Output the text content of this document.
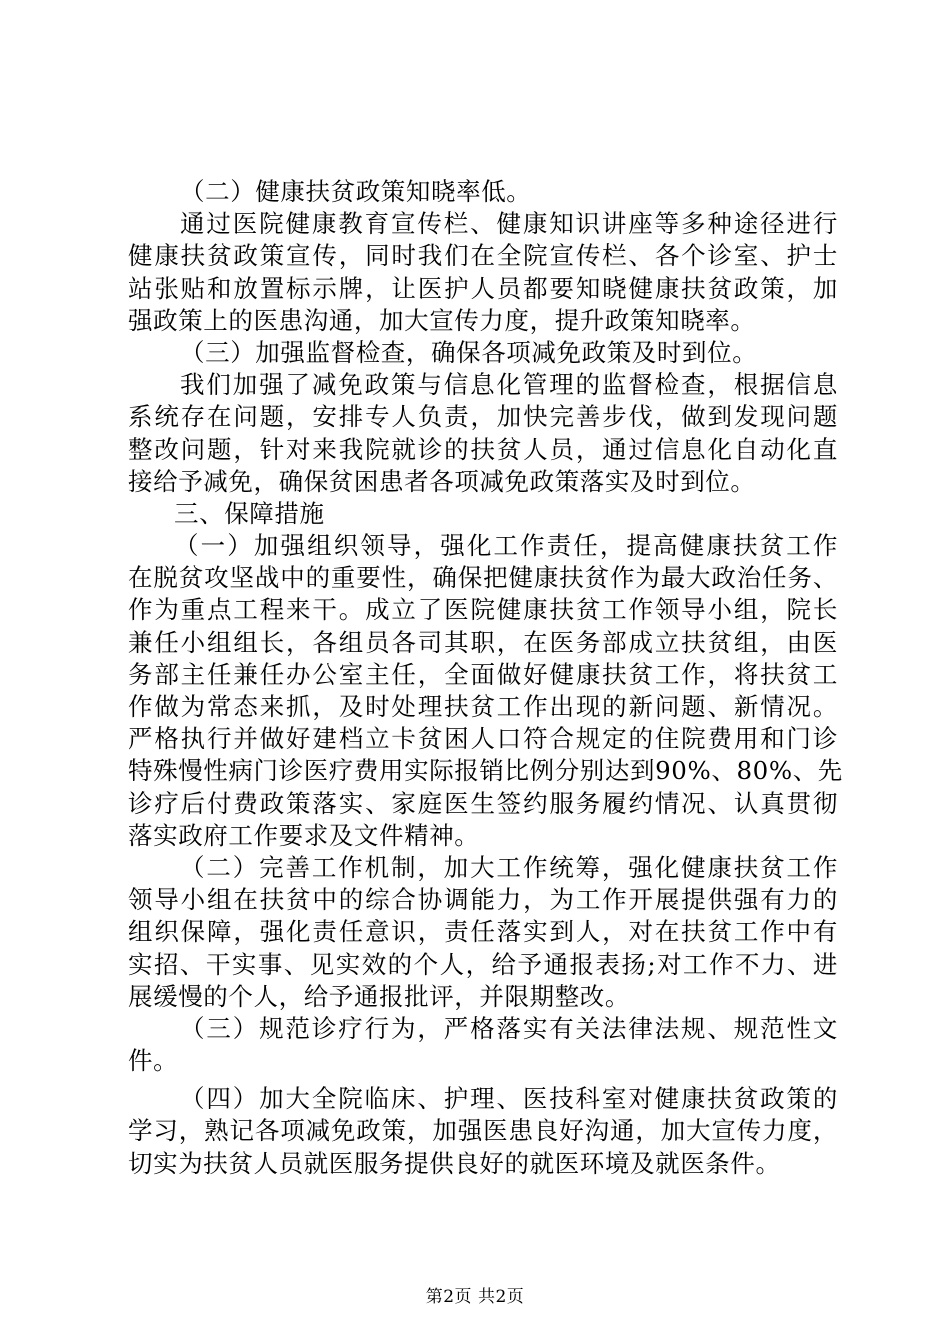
（二）健康扶贫政策知晓率低。
通过医院健康教育宣传栏、健康知识讲座等多种途径进行
健康扶贫政策宣传，同时我们在全院宣传栏、各个诊室、护士
站张贴和放置标示牌，让医护人员都要知晓健康扶贫政策，加
强政策上的医患沟通，加大宣传力度，提升政策知晓率。
（三）加强监督检查，确保各项减免政策及时到位。
我们加强了减免政策与信息化管理的监督检查，根据信息
系统存在问题，安排专人负责，加快完善步伐，做到发现问题
整改问题，针对来我院就诊的扶贫人员，通过信息化自动化直
接给予减免，确保贫困患者各项减免政策落实及时到位。
三、保障措施
（一）加强组织领导，强化工作责任，提高健康扶贫工作
在脱贫攻坚战中的重要性，确保把健康扶贫作为最大政治任务、
作为重点工程来干。成立了医院健康扶贫工作领导小组，院长
兼任小组组长，各组员各司其职，在医务部成立扶贫组，由医
务部主任兼任办公室主任，全面做好健康扶贫工作，将扶贫工
作做为常态来抓，及时处理扶贫工作出现的新问题、新情况。
严格执行并做好建档立卡贫困人口符合规定的住院费用和门诊
特殊慢性病门诊医疗费用实际报销比例分别达到90%、80%、先
诊疗后付费政策落实、家庭医生签约服务履约情况、认真贯彻
落实政府工作要求及文件精神。
（二）完善工作机制，加大工作统筹，强化健康扶贫工作
领导小组在扶贫中的综合协调能力，为工作开展提供强有力的
组织保障，强化责任意识，责任落实到人，对在扶贫工作中有
实招、干实事、见实效的个人，给予通报表扬;对工作不力、进
展缓慢的个人，给予通报批评，并限期整改。
（三）规范诊疗行为，严格落实有关法律法规、规范性文
件。
（四）加大全院临床、护理、医技科室对健康扶贫政策的
学习，熟记各项减免政策，加强医患良好沟通，加大宣传力度，
切实为扶贫人员就医服务提供良好的就医环境及就医条件。
第2页 共2页
